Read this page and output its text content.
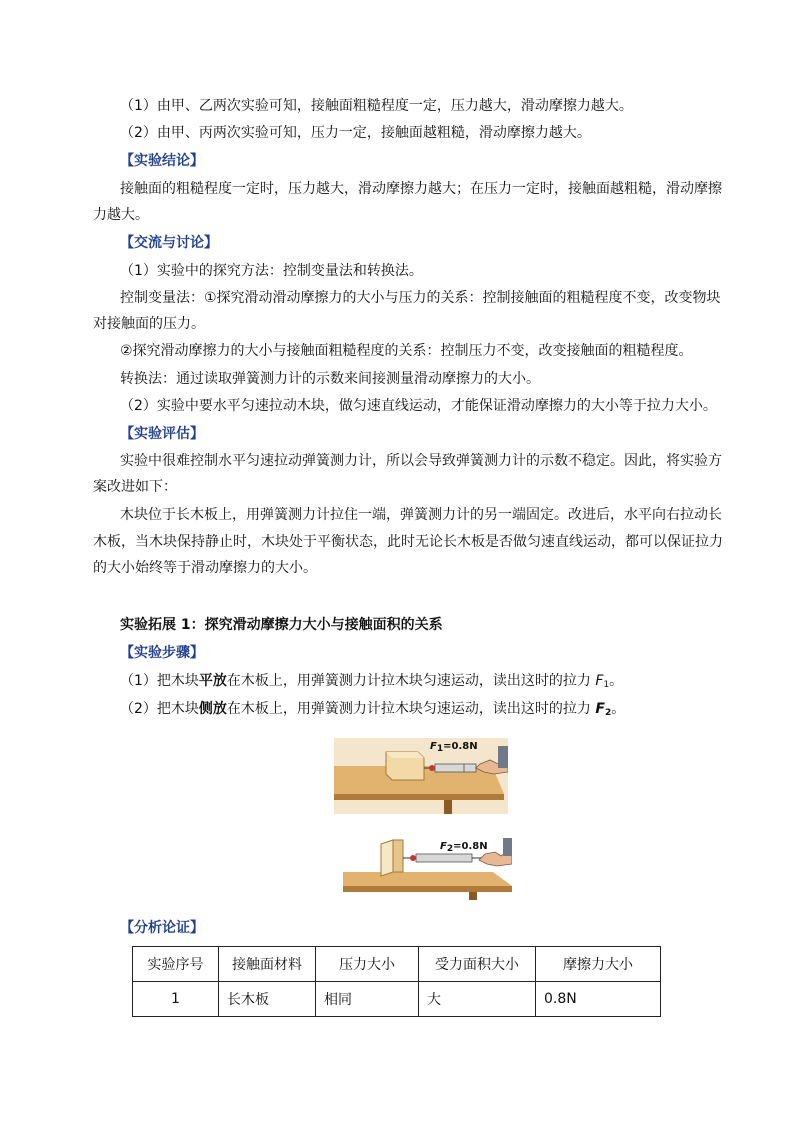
（1）由甲、乙两次实验可知，接触面粗糙程度一定，压力越大，滑动摩擦力越大。
（2）由甲、丙两次实验可知，压力一定，接触面越粗糙，滑动摩擦力越大。
【实验结论】
接触面的粗糙程度一定时，压力越大，滑动摩擦力越大；在压力一定时，接触面越粗糙，滑动摩擦
力越大。
【交流与讨论】
（1）实验中的探究方法：控制变量法和转换法。
控制变量法：①探究滑动滑动摩擦力的大小与压力的关系：控制接触面的粗糙程度不变，改变物块
对接触面的压力。
②探究滑动摩擦力的大小与接触面粗糙程度的关系：控制压力不变，改变接触面的粗糙程度。
转换法：通过读取弹簧测力计的示数来间接测量滑动摩擦力的大小。
（2）实验中要水平匀速拉动木块，做匀速直线运动，才能保证滑动摩擦力的大小等于拉力大小。
【实验评估】
实验中很难控制水平匀速拉动弹簧测力计，所以会导致弹簧测力计的示数不稳定。因此，将实验方
案改进如下：
木块位于长木板上，用弹簧测力计拉住一端，弹簧测力计的另一端固定。改进后，水平向右拉动长
木板，当木块保持静止时，木块处于平衡状态，此时无论长木板是否做匀速直线运动，都可以保证拉力
的大小始终等于滑动摩擦力的大小。
实验拓展 1：探究滑动摩擦力大小与接触面积的关系
【实验步骤】
（1）把木块平放在木板上，用弹簧测力计拉木块匀速运动，读出这时的拉力 $F_1$。
（2）把木块侧放在木板上，用弹簧测力计拉木块匀速运动，读出这时的拉力 $F_2$。
F1=0.8N
F2=0.8N
【分析论证】
实验序号	接触面材料	压力大小	受力面积大小	摩擦力大小
1	长木板	相同	大	0.8N
